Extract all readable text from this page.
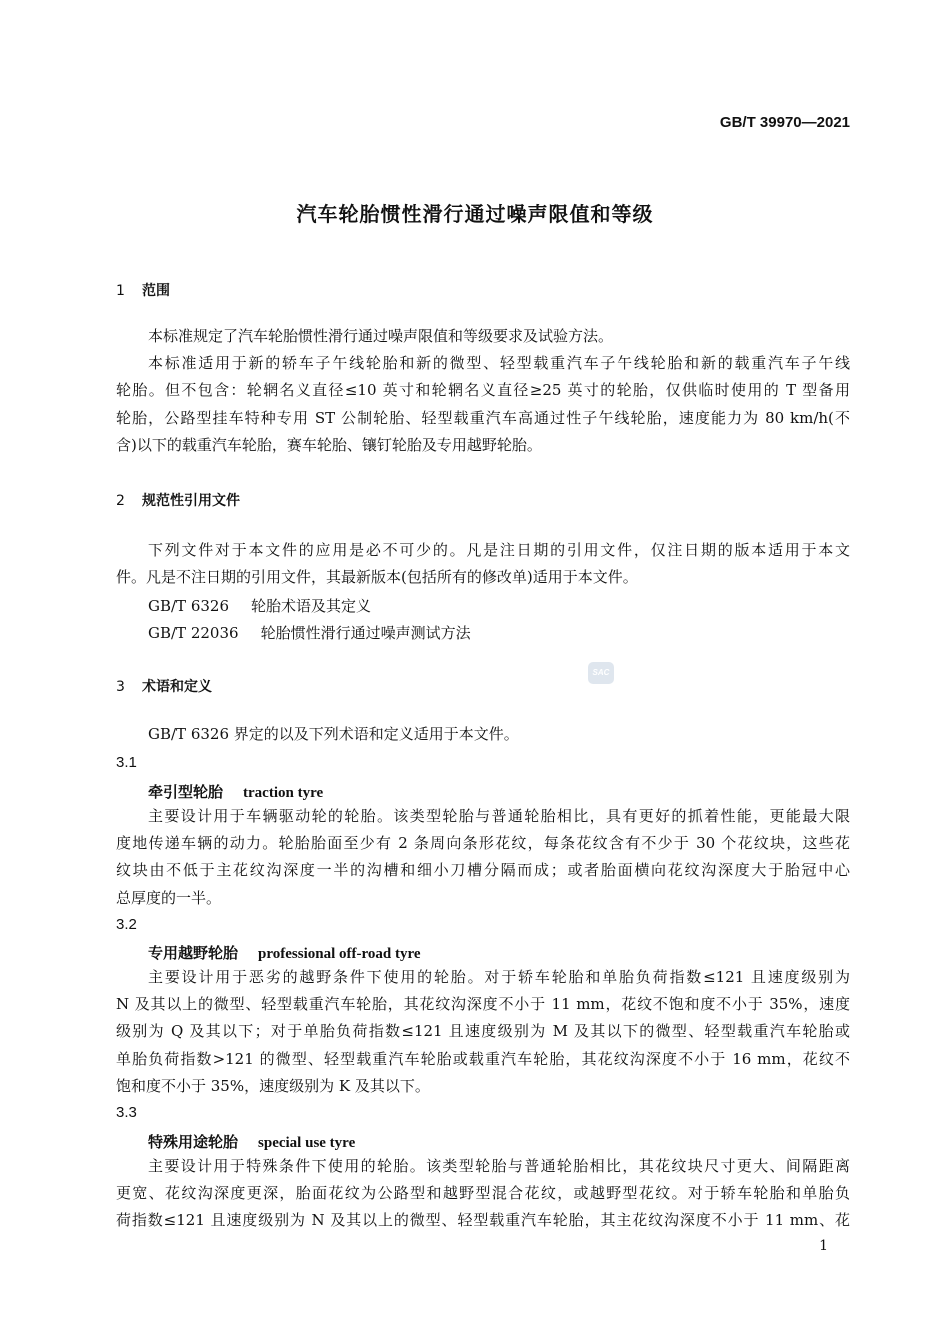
GB/T 39970—2021
汽车轮胎惯性滑行通过噪声限值和等级
1 范围
本标准规定了汽车轮胎惯性滑行通过噪声限值和等级要求及试验方法。
本标准适用于新的轿车子午线轮胎和新的微型、轻型载重汽车子午线轮胎和新的载重汽车子午线
轮胎。但不包含：轮辋名义直径≤10 英寸和轮辋名义直径≥25 英寸的轮胎，仅供临时使用的 T 型备用
轮胎，公路型挂车特种专用 ST 公制轮胎、轻型载重汽车高通过性子午线轮胎，速度能力为 80 km/h(不
含)以下的载重汽车轮胎，赛车轮胎、镶钉轮胎及专用越野轮胎。
2 规范性引用文件
下列文件对于本文件的应用是必不可少的。凡是注日期的引用文件，仅注日期的版本适用于本文
件。凡是不注日期的引用文件，其最新版本(包括所有的修改单)适用于本文件。
GB/T 6326 轮胎术语及其定义
GB/T 22036 轮胎惯性滑行通过噪声测试方法
3 术语和定义
SAC
GB/T 6326 界定的以及下列术语和定义适用于本文件。
3.1
牵引型轮胎 traction tyre
主要设计用于车辆驱动轮的轮胎。该类型轮胎与普通轮胎相比，具有更好的抓着性能，更能最大限
度地传递车辆的动力。轮胎胎面至少有 2 条周向条形花纹，每条花纹含有不少于 30 个花纹块，这些花
纹块由不低于主花纹沟深度一半的沟槽和细小刀槽分隔而成；或者胎面横向花纹沟深度大于胎冠中心
总厚度的一半。
3.2
专用越野轮胎 professional off-road tyre
主要设计用于恶劣的越野条件下使用的轮胎。对于轿车轮胎和单胎负荷指数≤121 且速度级别为
N 及其以上的微型、轻型载重汽车轮胎，其花纹沟深度不小于 11 mm，花纹不饱和度不小于 35%，速度
级别为 Q 及其以下；对于单胎负荷指数≤121 且速度级别为 M 及其以下的微型、轻型载重汽车轮胎或
单胎负荷指数>121 的微型、轻型载重汽车轮胎或载重汽车轮胎，其花纹沟深度不小于 16 mm，花纹不
饱和度不小于 35%，速度级别为 K 及其以下。
3.3
特殊用途轮胎 special use tyre
主要设计用于特殊条件下使用的轮胎。该类型轮胎与普通轮胎相比，其花纹块尺寸更大、间隔距离
更宽、花纹沟深度更深，胎面花纹为公路型和越野型混合花纹，或越野型花纹。对于轿车轮胎和单胎负
荷指数≤121 且速度级别为 N 及其以上的微型、轻型载重汽车轮胎，其主花纹沟深度不小于 11 mm、花
1
